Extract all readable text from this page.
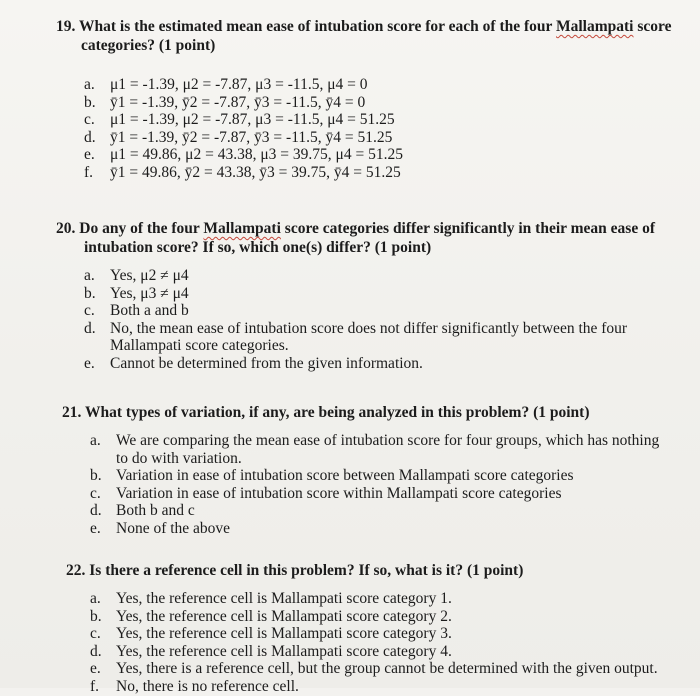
19. What is the estimated mean ease of intubation score for each of the four Mallampati score
categories? (1 point)
a. μ1 = -1.39, μ2 = -7.87, μ3 = -11.5, μ4 = 0
b. ȳ1 = -1.39, ȳ2 = -7.87, ȳ3 = -11.5, ȳ4 = 0
c. μ1 = -1.39, μ2 = -7.87, μ3 = -11.5, μ4 = 51.25
d. ȳ1 = -1.39, ȳ2 = -7.87, ȳ3 = -11.5, ȳ4 = 51.25
e. μ1 = 49.86, μ2 = 43.38, μ3 = 39.75, μ4 = 51.25
f.	ȳ1 = 49.86, ȳ2 = 43.38, ȳ3 = 39.75, ȳ4 = 51.25
20. Do any of the four Mallampati score categories differ significantly in their mean ease of
intubation score? If so, which one(s) differ? (1 point)
a. Yes, μ2 ≠ μ4
b. Yes, μ3 ≠ μ4
c. Both a and b
d. No, the mean ease of intubation score does not differ significantly between the four
Mallampati score categories.
e. Cannot be determined from the given information.
21. What types of variation, if any, are being analyzed in this problem? (1 point)
a. We are comparing the mean ease of intubation score for four groups, which has nothing
to do with variation.
b. Variation in ease of intubation score between Mallampati score categories
c. Variation in ease of intubation score within Mallampati score categories
d. Both b and c
e. None of the above
22. Is there a reference cell in this problem? If so, what is it? (1 point)
a. Yes, the reference cell is Mallampati score category 1.
b. Yes, the reference cell is Mallampati score category 2.
c. Yes, the reference cell is Mallampati score category 3.
d. Yes, the reference cell is Mallampati score category 4.
e. Yes, there is a reference cell, but the group cannot be determined with the given output.
f.	No, there is no reference cell.
